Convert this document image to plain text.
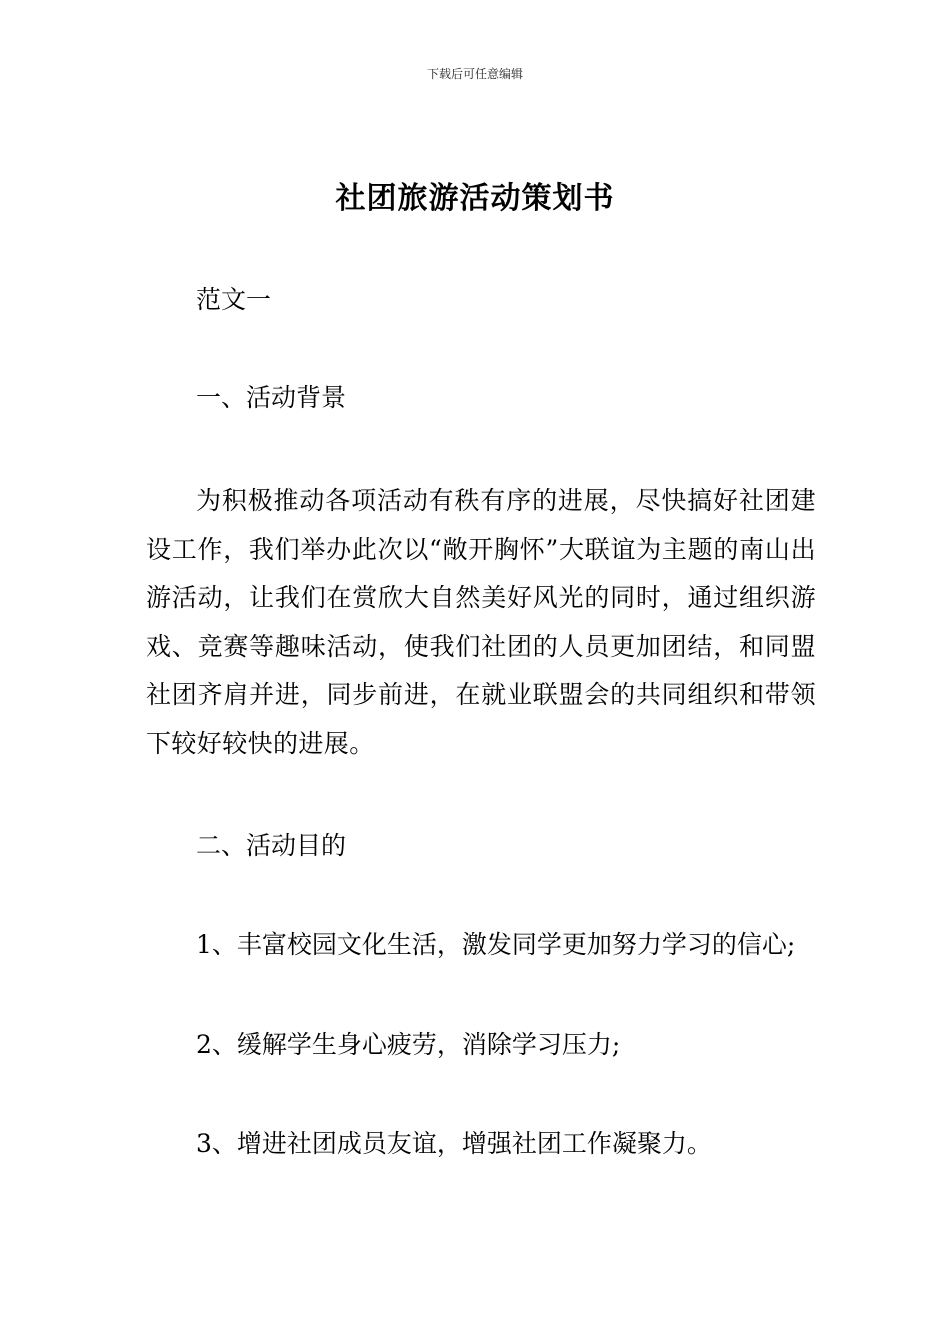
下载后可任意编辑
社团旅游活动策划书
范文一
一、活动背景
为积极推动各项活动有秩有序的进展，尽快搞好社团建设工作，我们举办此次以“敞开胸怀”大联谊为主题的南山出游活动，让我们在赏欣大自然美好风光的同时，通过组织游戏、竞赛等趣味活动，使我们社团的人员更加团结，和同盟社团齐肩并进，同步前进，在就业联盟会的共同组织和带领下较好较快的进展。
二、活动目的
1、丰富校园文化生活，激发同学更加努力学习的信心;
2、缓解学生身心疲劳，消除学习压力;
3、增进社团成员友谊，增强社团工作凝聚力。
